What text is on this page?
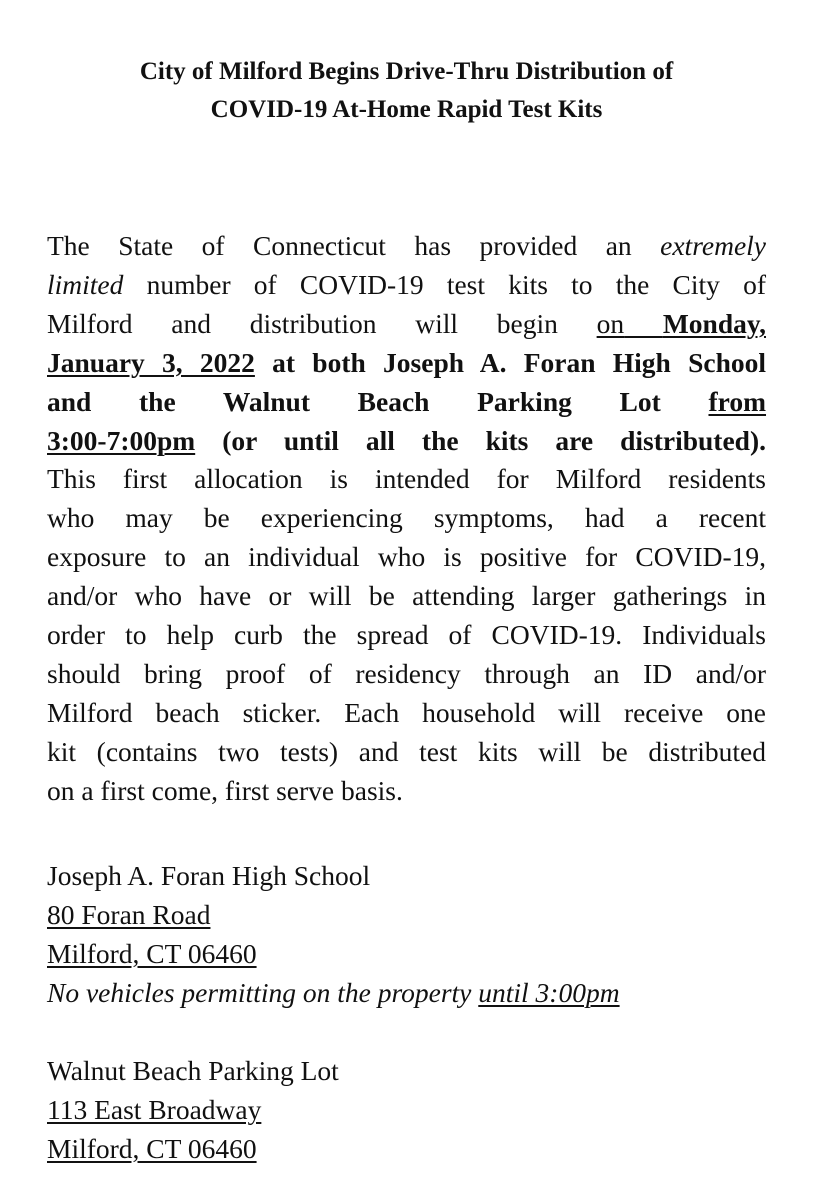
City of Milford Begins Drive-Thru Distribution of
COVID-19 At-Home Rapid Test Kits
The State of Connecticut has provided an extremely
limited number of COVID-19 test kits to the City of
Milford and distribution will begin on Monday,
January 3, 2022 at both Joseph A. Foran High School
and the Walnut Beach Parking Lot from
3:00-7:00pm (or until all the kits are distributed).
This first allocation is intended for Milford residents
who may be experiencing symptoms, had a recent
exposure to an individual who is positive for COVID-19,
and/or who have or will be attending larger gatherings in
order to help curb the spread of COVID-19. Individuals
should bring proof of residency through an ID and/or
Milford beach sticker. Each household will receive one
kit (contains two tests) and test kits will be distributed
on a first come, first serve basis.
Joseph A. Foran High School
80 Foran Road
Milford, CT 06460
No vehicles permitting on the property until 3:00pm
Walnut Beach Parking Lot
113 East Broadway
Milford, CT 06460
